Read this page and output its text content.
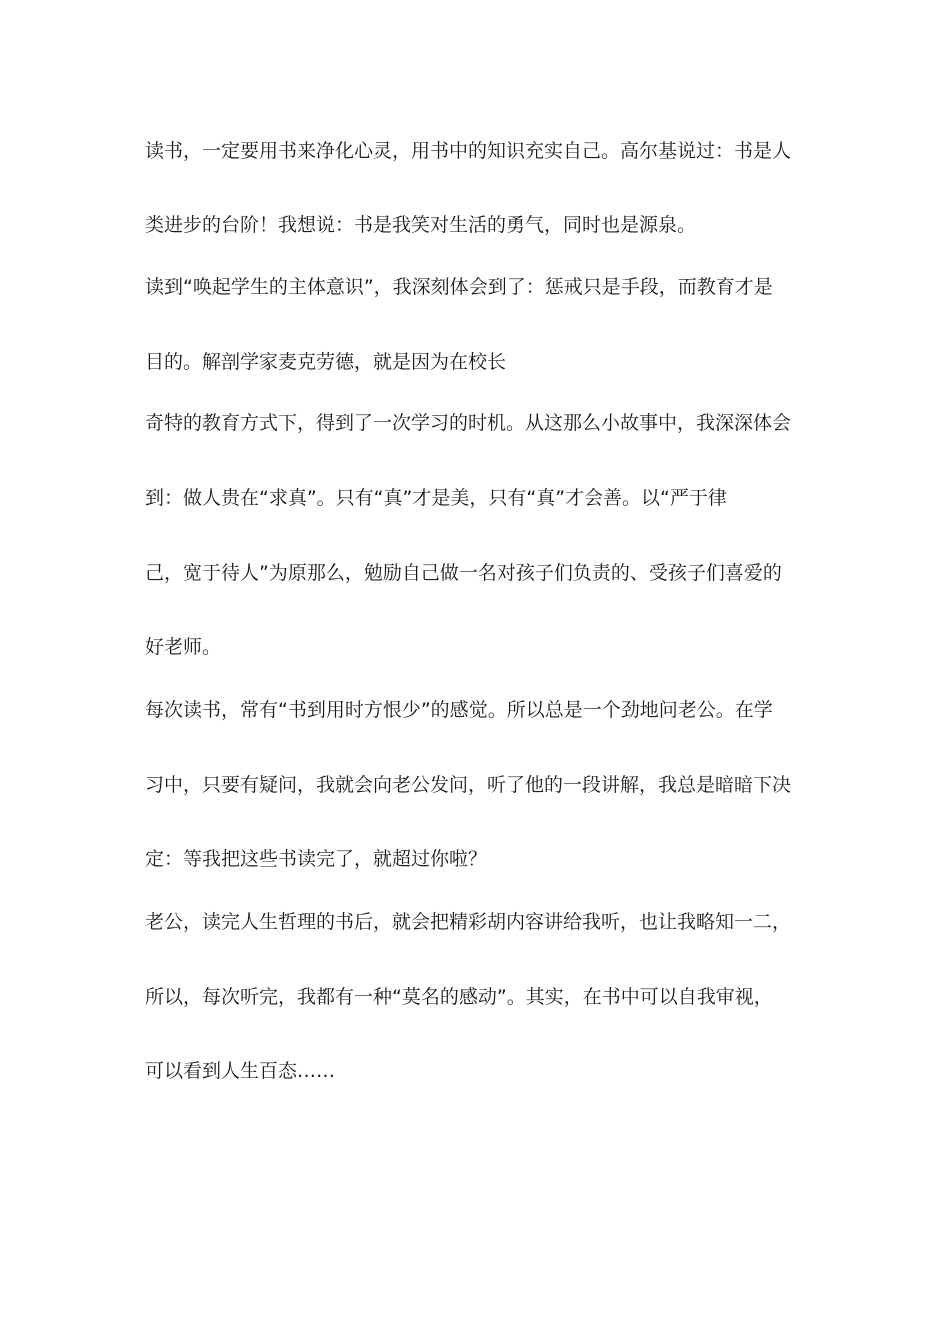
读书，一定要用书来净化心灵，用书中的知识充实自己。高尔基说过：书是人
类进步的台阶！我想说：书是我笑对生活的勇气，同时也是源泉。
读到“唤起学生的主体意识”，我深刻体会到了：惩戒只是手段，而教育才是
目的。解剖学家麦克劳德，就是因为在校长
奇特的教育方式下，得到了一次学习的时机。从这那么小故事中，我深深体会
到：做人贵在“求真”。只有“真”才是美，只有“真”才会善。以“严于律
己，宽于待人”为原那么，勉励自己做一名对孩子们负责的、受孩子们喜爱的
好老师。
每次读书，常有“书到用时方恨少”的感觉。所以总是一个劲地问老公。在学
习中，只要有疑问，我就会向老公发问，听了他的一段讲解，我总是暗暗下决
定：等我把这些书读完了，就超过你啦？
老公，读完人生哲理的书后，就会把精彩胡内容讲给我听，也让我略知一二，
所以，每次听完，我都有一种“莫名的感动”。其实，在书中可以自我审视，
可以看到人生百态……
